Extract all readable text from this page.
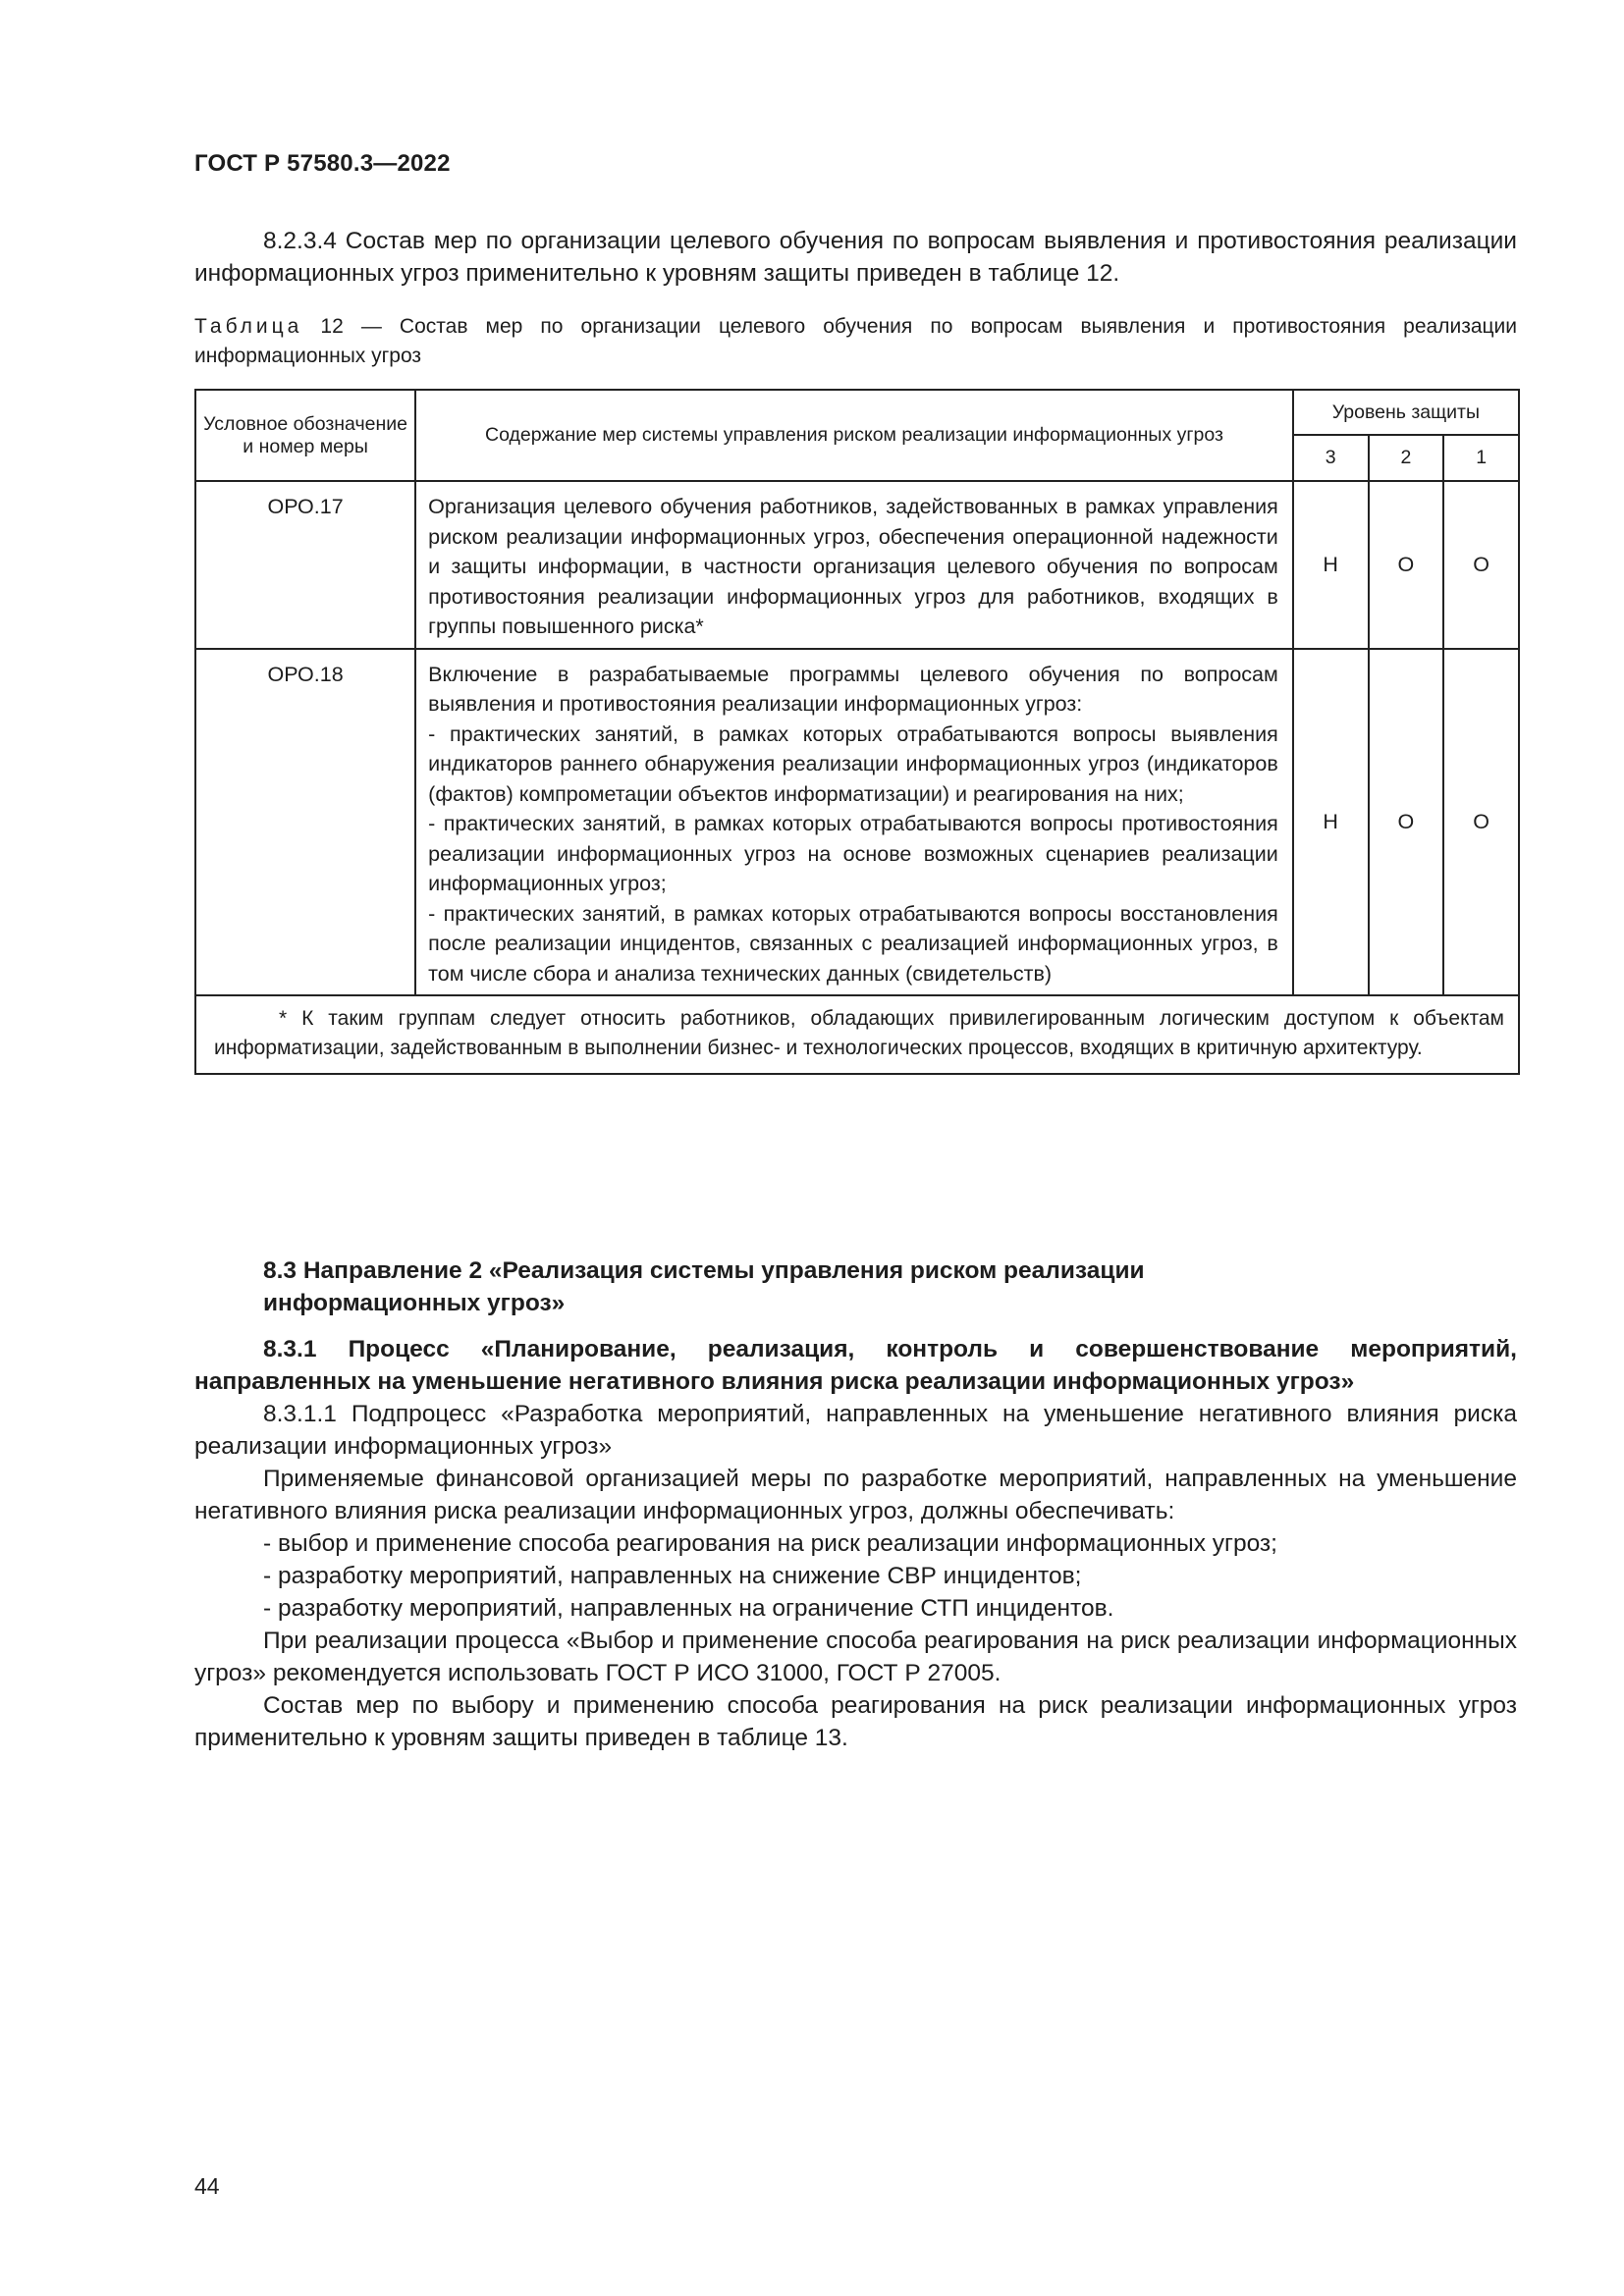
ГОСТ Р 57580.3—2022
8.2.3.4 Состав мер по организации целевого обучения по вопросам выявления и противостояния реализации информационных угроз применительно к уровням защиты приведен в таблице 12.
Таблица 12 — Состав мер по организации целевого обучения по вопросам выявления и противостояния реализации информационных угроз
Условное обозначение и номер меры	Содержание мер системы управления риском реализации информационных угроз	Уровень защиты		
		3	2	1
ОРО.17	Организация целевого обучения работников, задействованных в рамках управления риском реализации информационных угроз, обеспечения операционной надежности и защиты информации, в частности организация целевого обучения по вопросам противостояния реализации информационных угроз для работников, входящих в группы повышенного риска*	Н	О	О
ОРО.18	Включение в разрабатываемые программы целевого обучения по вопросам выявления и противостояния реализации информационных угроз:
- практических занятий, в рамках которых отрабатываются вопросы выявления индикаторов раннего обнаружения реализации информационных угроз (индикаторов (фактов) компрометации объектов информатизации) и реагирования на них;
- практических занятий, в рамках которых отрабатываются вопросы противостояния реализации информационных угроз на основе возможных сценариев реализации информационных угроз;
- практических занятий, в рамках которых отрабатываются вопросы восстановления после реализации инцидентов, связанных с реализацией информационных угроз, в том числе сбора и анализа технических данных (свидетельств)	Н	О	О

* К таким группам следует относить работников, обладающих привилегированным логическим доступом к объектам информатизации, задействованным в выполнении бизнес- и технологических процессов, входящих в критичную архитектуру.				
8.3 Направление 2 «Реализация системы управления риском реализации информационных угроз»
8.3.1 Процесс «Планирование, реализация, контроль и совершенствование мероприятий, направленных на уменьшение негативного влияния риска реализации информационных угроз»
8.3.1.1 Подпроцесс «Разработка мероприятий, направленных на уменьшение негативного влияния риска реализации информационных угроз»
Применяемые финансовой организацией меры по разработке мероприятий, направленных на уменьшение негативного влияния риска реализации информационных угроз, должны обеспечивать:
- выбор и применение способа реагирования на риск реализации информационных угроз;
- разработку мероприятий, направленных на снижение СВР инцидентов;
- разработку мероприятий, направленных на ограничение СТП инцидентов.
При реализации процесса «Выбор и применение способа реагирования на риск реализации информационных угроз» рекомендуется использовать ГОСТ Р ИСО 31000, ГОСТ Р 27005.
Состав мер по выбору и применению способа реагирования на риск реализации информационных угроз применительно к уровням защиты приведен в таблице 13.
44
